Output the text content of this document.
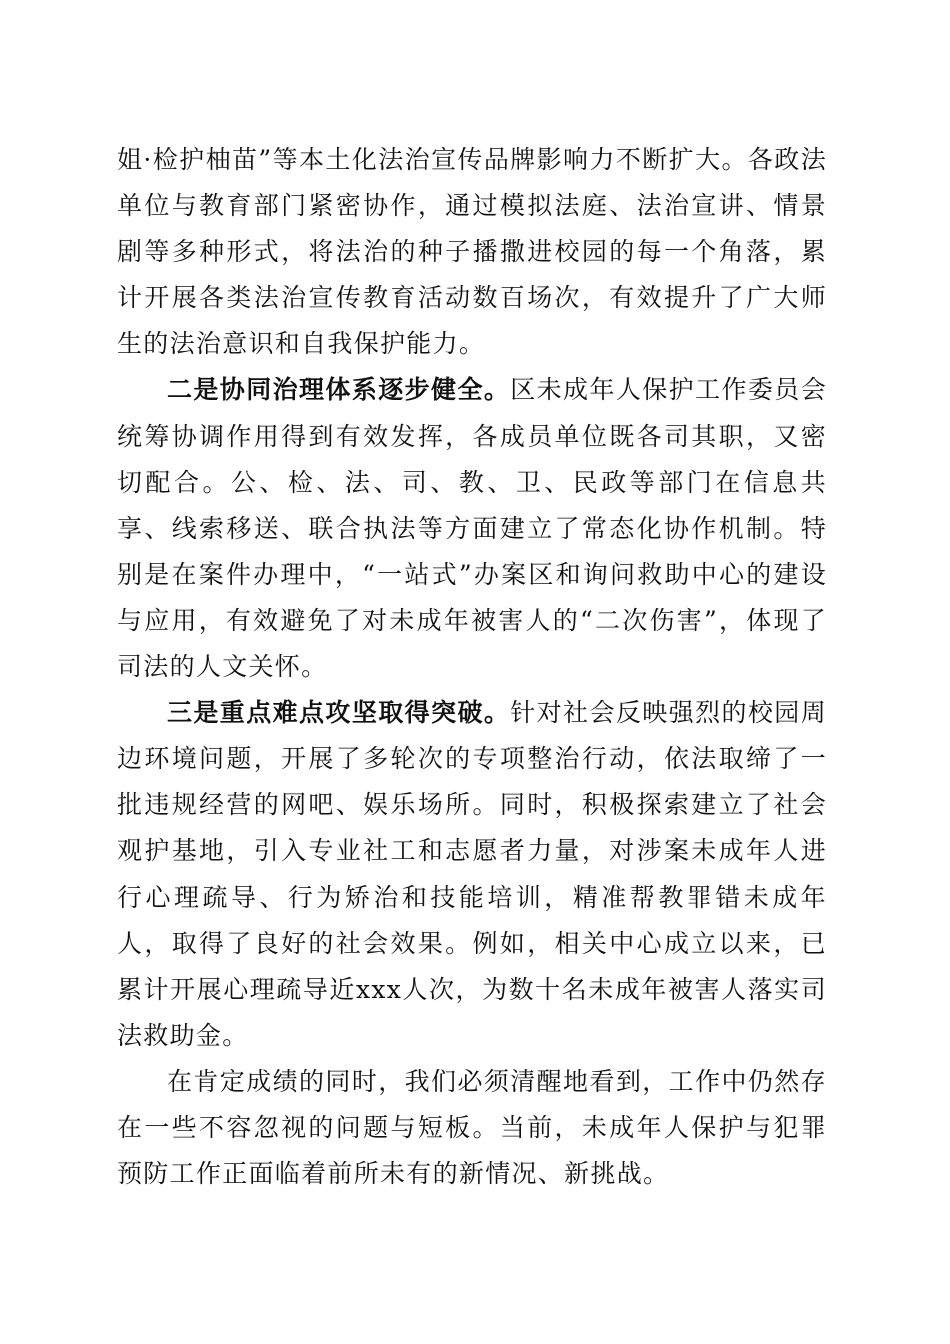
姐·检护柚苗”等本土化法治宣传品牌影响力不断扩大。各政法单位与教育部门紧密协作，通过模拟法庭、法治宣讲、情景剧等多种形式，将法治的种子播撒进校园的每一个角落，累计开展各类法治宣传教育活动数百场次，有效提升了广大师生的法治意识和自我保护能力。

二是协同治理体系逐步健全。区未成年人保护工作委员会统筹协调作用得到有效发挥，各成员单位既各司其职，又密切配合。公、检、法、司、教、卫、民政等部门在信息共享、线索移送、联合执法等方面建立了常态化协作机制。特别是在案件办理中，“一站式”办案区和询问救助中心的建设与应用，有效避免了对未成年被害人的“二次伤害”，体现了司法的人文关怀。

三是重点难点攻坚取得突破。针对社会反映强烈的校园周边环境问题，开展了多轮次的专项整治行动，依法取缔了一批违规经营的网吧、娱乐场所。同时，积极探索建立了社会观护基地，引入专业社工和志愿者力量，对涉案未成年人进行心理疏导、行为矫治和技能培训，精准帮教罪错未成年人，取得了良好的社会效果。例如，相关中心成立以来，已累计开展心理疏导近xxx人次，为数十名未成年被害人落实司法救助金。

在肯定成绩的同时，我们必须清醒地看到，工作中仍然存在一些不容忽视的问题与短板。当前，未成年人保护与犯罪预防工作正面临着前所未有的新情况、新挑战。
